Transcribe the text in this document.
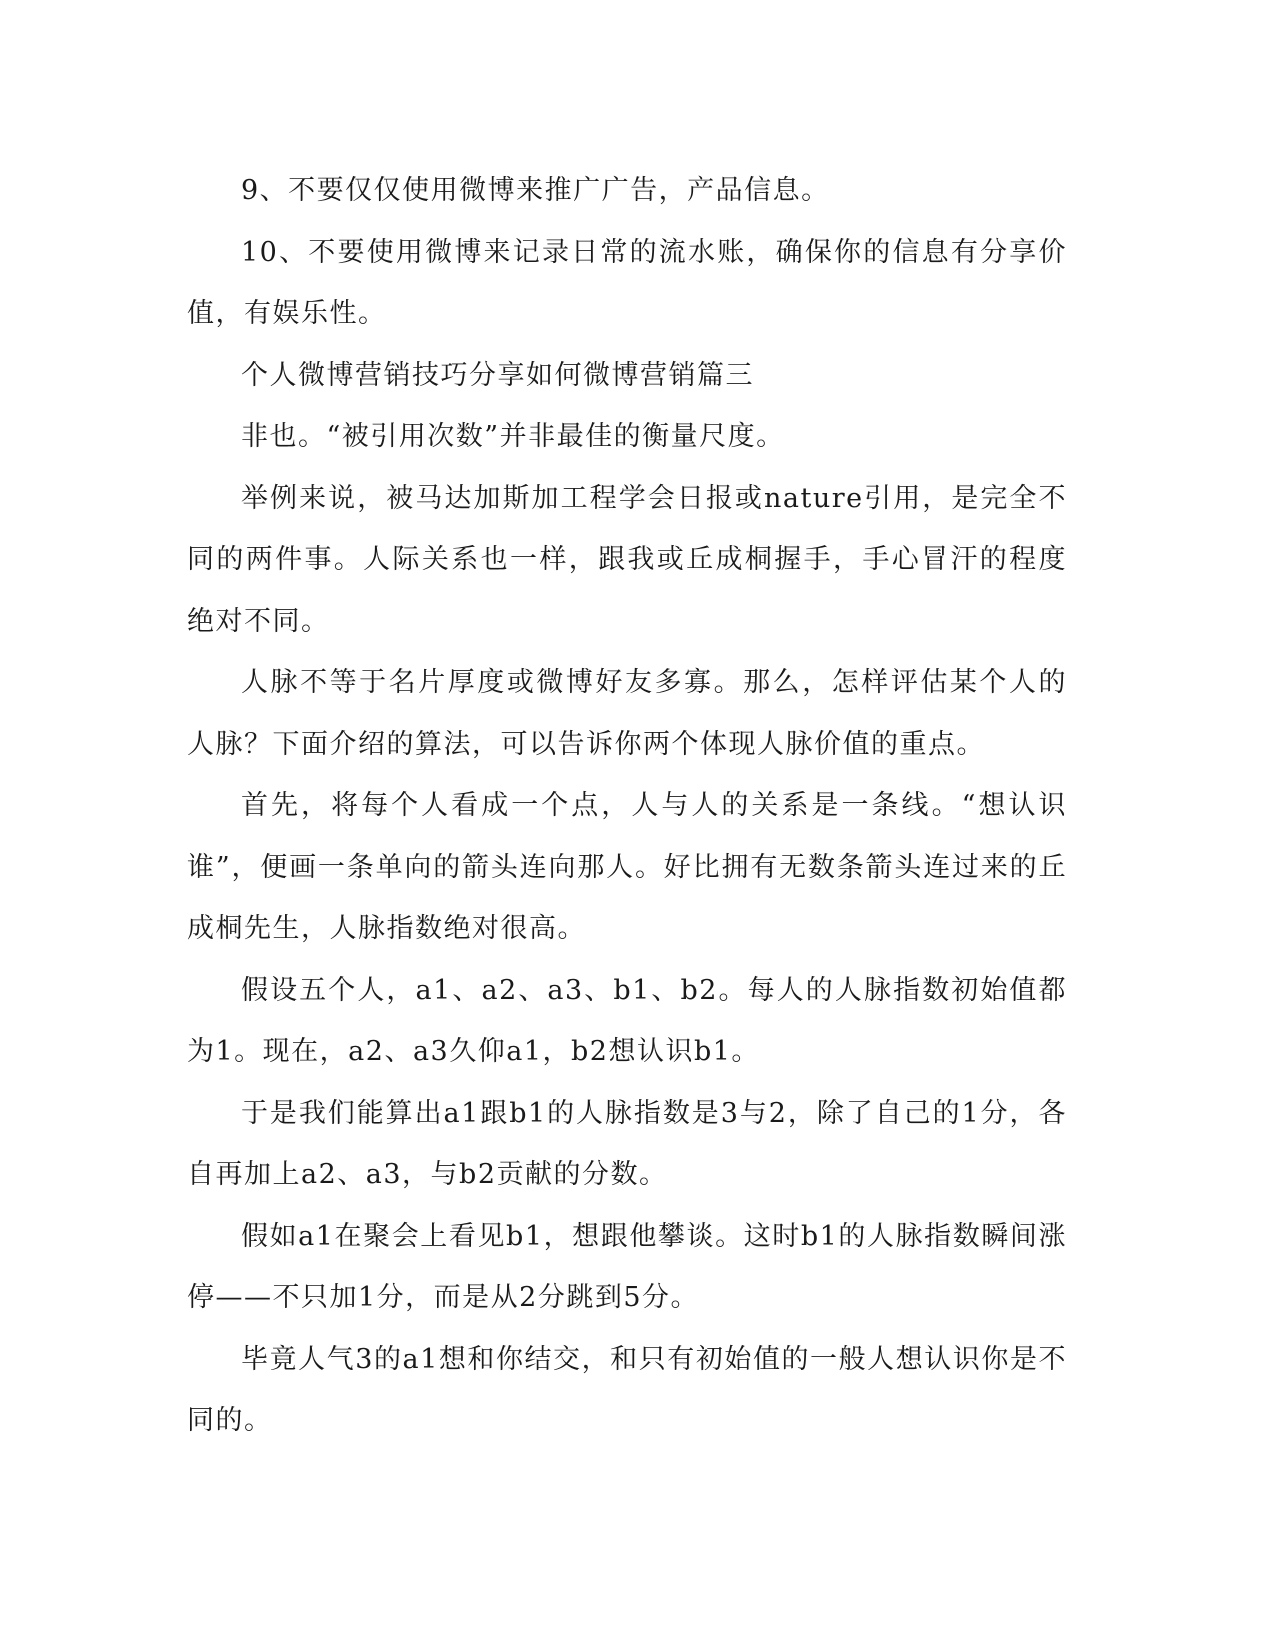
9、不要仅仅使用微博来推广广告，产品信息。

10、不要使用微博来记录日常的流水账，确保你的信息有分享价值，有娱乐性。

个人微博营销技巧分享如何微博营销篇三

非也。“被引用次数”并非最佳的衡量尺度。

举例来说，被马达加斯加工程学会日报或nature引用，是完全不同的两件事。人际关系也一样，跟我或丘成桐握手，手心冒汗的程度绝对不同。

人脉不等于名片厚度或微博好友多寡。那么，怎样评估某个人的人脉？下面介绍的算法，可以告诉你两个体现人脉价值的重点。

首先，将每个人看成一个点，人与人的关系是一条线。“想认识谁”，便画一条单向的箭头连向那人。好比拥有无数条箭头连过来的丘成桐先生，人脉指数绝对很高。

假设五个人，a1、a2、a3、b1、b2。每人的人脉指数初始值都为1。现在，a2、a3久仰a1，b2想认识b1。

于是我们能算出a1跟b1的人脉指数是3与2，除了自己的1分，各自再加上a2、a3，与b2贡献的分数。

假如a1在聚会上看见b1，想跟他攀谈。这时b1的人脉指数瞬间涨停——不只加1分，而是从2分跳到5分。

毕竟人气3的a1想和你结交，和只有初始值的一般人想认识你是不同的。
